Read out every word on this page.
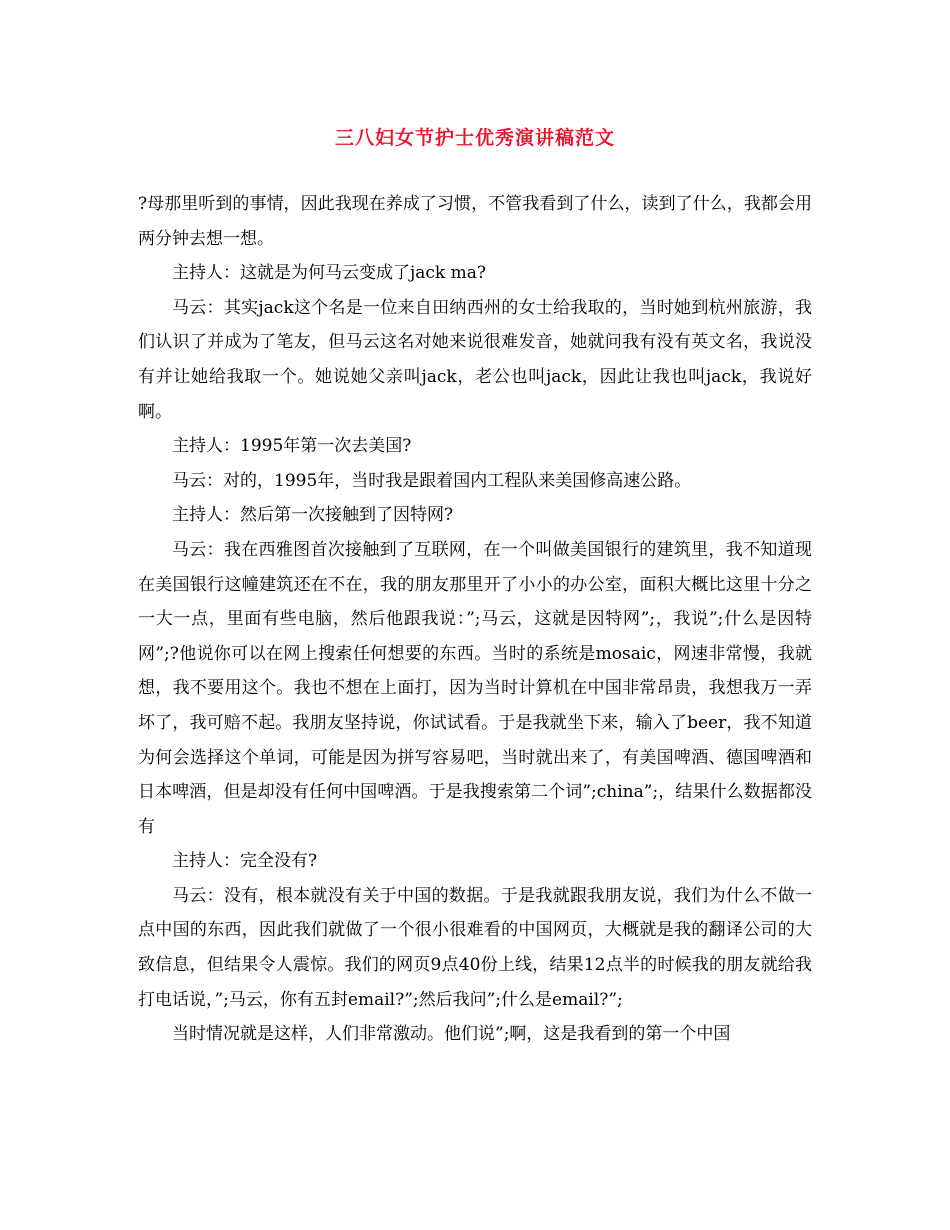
三八妇女节护士优秀演讲稿范文

?母那里听到的事情，因此我现在养成了习惯，不管我看到了什么，读到了什么，我都会用两分钟去想一想。

主持人：这就是为何马云变成了jack ma?

马云：其实jack这个名是一位来自田纳西州的女士给我取的，当时她到杭州旅游，我们认识了并成为了笔友，但马云这名对她来说很难发音，她就问我有没有英文名，我说没有并让她给我取一个。她说她父亲叫jack，老公也叫jack，因此让我也叫jack，我说好啊。

主持人：1995年第一次去美国?

马云：对的，1995年，当时我是跟着国内工程队来美国修高速公路。

主持人：然后第一次接触到了因特网?

马云：我在西雅图首次接触到了互联网，在一个叫做美国银行的建筑里，我不知道现在美国银行这幢建筑还在不在，我的朋友那里开了小小的办公室，面积大概比这里十分之一大一点，里面有些电脑，然后他跟我说：”;马云，这就是因特网”;，我说”;什么是因特网”;?他说你可以在网上搜索任何想要的东西。当时的系统是mosaic，网速非常慢，我就想，我不要用这个。我也不想在上面打，因为当时计算机在中国非常昂贵，我想我万一弄坏了，我可赔不起。我朋友坚持说，你试试看。于是我就坐下来，输入了beer，我不知道为何会选择这个单词，可能是因为拼写容易吧，当时就出来了，有美国啤酒、德国啤酒和日本啤酒，但是却没有任何中国啤酒。于是我搜索第二个词”;china”;，结果什么数据都没有

主持人：完全没有?

马云：没有，根本就没有关于中国的数据。于是我就跟我朋友说，我们为什么不做一点中国的东西，因此我们就做了一个很小很难看的中国网页，大概就是我的翻译公司的大致信息，但结果令人震惊。我们的网页9点40份上线，结果12点半的时候我的朋友就给我打电话说，”;马云，你有五封email?”;然后我问”;什么是email?”;

当时情况就是这样，人们非常激动。他们说”;啊，这是我看到的第一个中国
